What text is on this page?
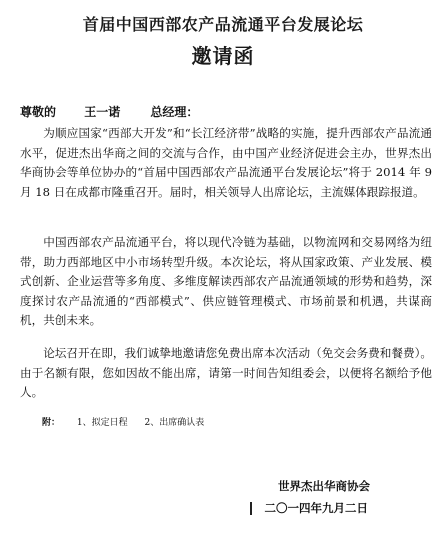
首届中国西部农产品流通平台发展论坛
邀请函
尊敬的 王一诺	总经理：

为顺应国家“西部大开发”和“长江经济带”战略的实施，提升西部农产品流通水平，促进杰出华商之间的交流与合作，由中国产业经济促进会主办，世界杰出华商协会等单位协办的“首届中国西部农产品流通平台发展论坛”将于 2014 年 9 月 18 日在成都市隆重召开。届时，相关领导人出席论坛，主流媒体跟踪报道。

中国西部农产品流通平台，将以现代冷链为基础，以物流网和交易网络为纽带，助力西部地区中小市场转型升级。本次论坛，将从国家政策、产业发展、模式创新、企业运营等多角度、多维度解读西部农产品流通领域的形势和趋势，深度探讨农产品流通的“西部模式”、供应链管理模式、市场前景和机遇，共谋商机，共创未来。

论坛召开在即，我们诚挚地邀请您免费出席本次活动（免交会务费和餐费）。由于名额有限，您如因故不能出席，请第一时间告知组委会，以便将名额给予他人。

附： 1、拟定日程 2、出席确认表
世界杰出华商协会
二〇一四年九月二日
